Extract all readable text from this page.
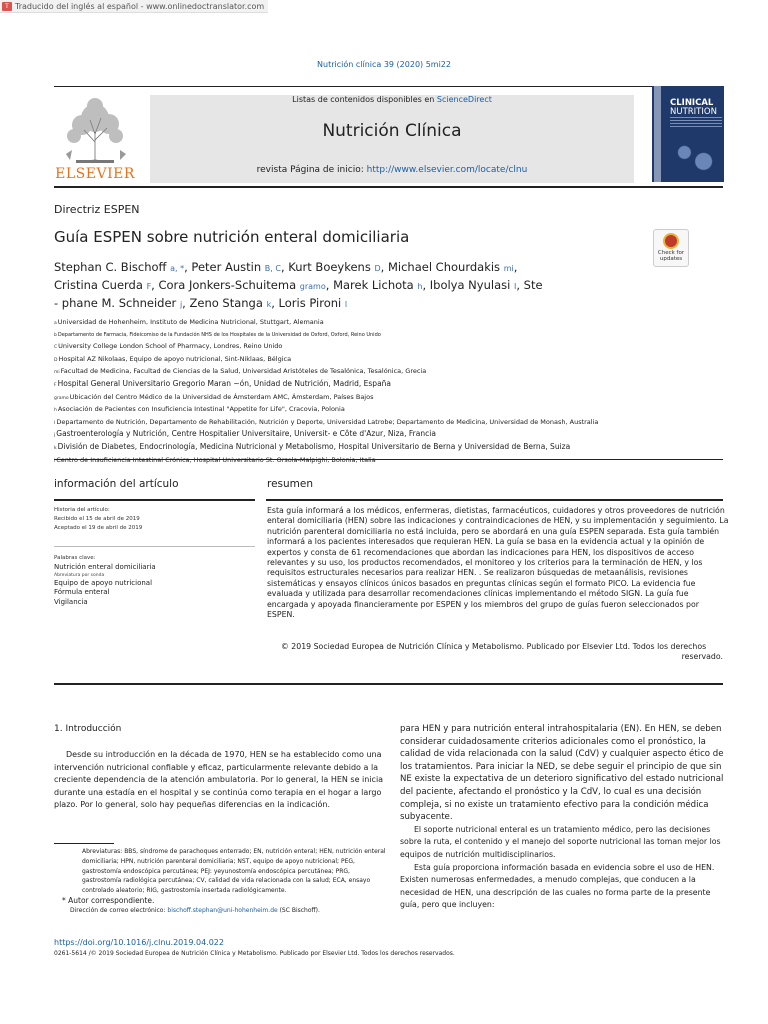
T Traducido del inglés al español - www.onlinedoctranslator.com
Nutrición clínica 39 (2020) 5mi22
ELSEVIER
Listas de contenidos disponibles en ScienceDirect
Nutrición Clínica
revista Página de inicio: http://www.elsevier.com/locate/clnu
CLINICAL
NUTRITION
Directriz ESPEN
Guía ESPEN sobre nutrición enteral domiciliaria
Check for updates
Stephan C. Bischoff a, *, Peter Austin B, C, Kurt Boeykens D, Michael Chourdakis mi,
Cristina Cuerda F, Cora Jonkers-Schuitema gramo, Marek Lichota h, Ibolya Nyulasi I, Ste
- phane M. Schneider j, Zeno Stanga k, Loris Pironi l
aUniversidad de Hohenheim, Instituto de Medicina Nutricional, Stuttgart, Alemania
bDepartamento de Farmacia, Fideicomiso de la Fundación NHS de los Hospitales de la Universidad de Oxford, Oxford, Reino Unido
CUniversity College London School of Pharmacy, Londres, Reino Unido
DHospital AZ Nikolaas, Equipo de apoyo nutricional, Sint-Niklaas, Bélgica
miFacultad de Medicina, Facultad de Ciencias de la Salud, Universidad Aristóteles de Tesalónica, Tesalónica, Grecia
FHospital General Universitario Gregorio Maran ~ón, Unidad de Nutrición, Madrid, España
gramoUbicación del Centro Médico de la Universidad de Ámsterdam AMC, Ámsterdam, Países Bajos
hAsociación de Pacientes con Insuficiencia Intestinal "Appetite for Life", Cracovia, Polonia
IDepartamento de Nutrición, Departamento de Rehabilitación, Nutrición y Deporte, Universidad Latrobe; Departamento de Medicina, Universidad de Monash, Australia
jGastroenterología y Nutrición, Centre Hospitalier Universitaire, Universit- e Côte d'Azur, Niza, Francia
kDivisión de Diabetes, Endocrinología, Medicina Nutricional y Metabolismo, Hospital Universitario de Berna y Universidad de Berna, Suiza
l
información del artículo	resumen
Historia del artículo:
Recibido el 15 de abril de 2019
Aceptado el 19 de abril de 2019
Palabras clave:
Nutrición enteral domiciliaria
Abreviatura por sonda
Equipo de apoyo nutricional
Fórmula enteral
Vigilancia
Esta guía informará a los médicos, enfermeras, dietistas, farmacéuticos, cuidadores y otros proveedores de nutrición enteral domiciliaria (HEN) sobre las indicaciones y contraindicaciones de HEN, y su implementación y seguimiento. La nutrición parenteral domiciliaria no está incluida, pero se abordará en una guía ESPEN separada. Esta guía también informará a los pacientes interesados que requieran HEN. La guía se basa en la evidencia actual y la opinión de expertos y consta de 61 recomendaciones que abordan las indicaciones para HEN, los dispositivos de acceso relevantes y su uso, los productos recomendados, el monitoreo y los criterios para la terminación de HEN, y los requisitos estructurales necesarios para realizar HEN. . Se realizaron búsquedas de metaanálisis, revisiones sistemáticas y ensayos clínicos únicos basados en preguntas clínicas según el formato PICO. La evidencia fue evaluada y utilizada para desarrollar recomendaciones clínicas implementando el método SIGN. La guía fue encargada y apoyada financieramente por ESPEN y los miembros del grupo de guías fueron seleccionados por ESPEN.
© 2019 Sociedad Europea de Nutrición Clínica y Metabolismo. Publicado por Elsevier Ltd. Todos los derechos
reservado.
1. Introducción

Desde su introducción en la década de 1970, HEN se ha establecido como una intervención nutricional confiable y eficaz, particularmente relevante debido a la creciente dependencia de la atención ambulatoria. Por lo general, la HEN se inicia durante una estadía en el hospital y se continúa como terapia en el hogar a largo plazo. Por lo general, solo hay pequeñas diferencias en la indicación.

para HEN y para nutrición enteral intrahospitalaria (EN). En HEN, se deben considerar cuidadosamente criterios adicionales como el pronóstico, la calidad de vida relacionada con la salud (CdV) y cualquier aspecto ético de los tratamientos. Para iniciar la NED, se debe seguir el principio de que sin NE existe la expectativa de un deterioro significativo del estado nutricional del paciente, afectando el pronóstico y la CdV, lo cual es una decisión compleja, si no existe un tratamiento efectivo para la condición médica subyacente.

El soporte nutricional enteral es un tratamiento médico, pero las decisiones sobre la ruta, el contenido y el manejo del soporte nutricional las toman mejor los equipos de nutrición multidisciplinarios.

Esta guía proporciona información basada en evidencia sobre el uso de HEN. Existen numerosas enfermedades, a menudo complejas, que conducen a la necesidad de HEN, una descripción de las cuales no forma parte de la presente guía, pero que incluyen:

Abreviaturas: BBS, síndrome de parachoques enterrado; EN, nutrición enteral; HEN, nutrición enteral domiciliaria; HPN, nutrición parenteral domiciliaria; NST, equipo de apoyo nutricional; PEG, gastrostomía endoscópica percutánea; PEJ: yeyunostomía endoscópica percutánea; PRG, gastrostomía radiológica percutánea; CV, calidad de vida relacionada con la salud; ECA, ensayo controlado aleatorio; RIG, gastrostomía insertada radiológicamente.
* Autor correspondiente.
Dirección de correo electrónico: bischoff.stephan@uni-hohenheim.de (SC Bischoff).
https://doi.org/10.1016/j.clnu.2019.04.022
0261-5614 /© 2019 Sociedad Europea de Nutrición Clínica y Metabolismo. Publicado por Elsevier Ltd. Todos los derechos reservados.
